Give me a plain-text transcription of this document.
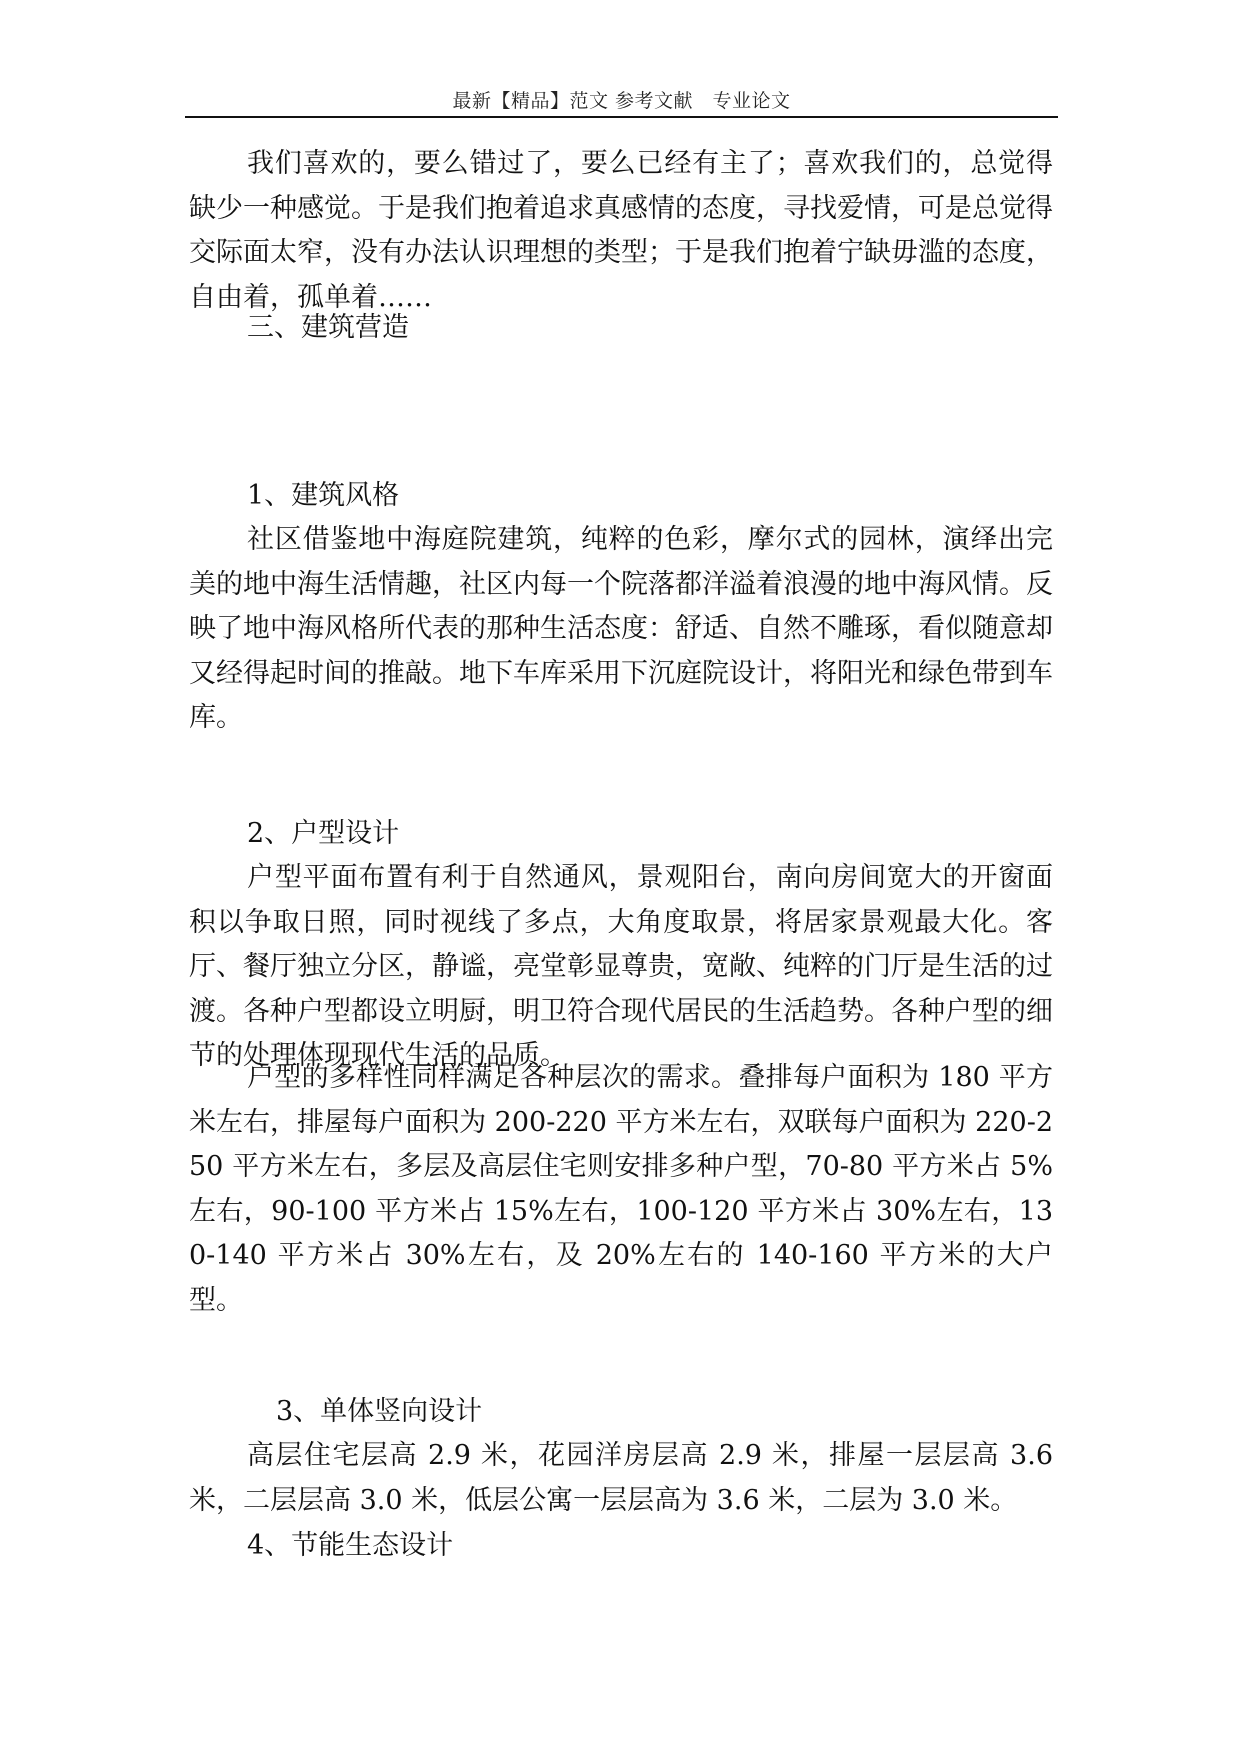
最新【精品】范文 参考文献　专业论文

我们喜欢的，要么错过了，要么已经有主了；喜欢我们的，总觉得缺少一种感觉。于是我们抱着追求真感情的态度，寻找爱情，可是总觉得交际面太窄，没有办法认识理想的类型；于是我们抱着宁缺毋滥的态度，自由着，孤单着……

三、建筑营造

1、建筑风格

社区借鉴地中海庭院建筑，纯粹的色彩，摩尔式的园林，演绎出完美的地中海生活情趣，社区内每一个院落都洋溢着浪漫的地中海风情。反映了地中海风格所代表的那种生活态度：舒适、自然不雕琢，看似随意却又经得起时间的推敲。地下车库采用下沉庭院设计，将阳光和绿色带到车库。

2、户型设计

户型平面布置有利于自然通风，景观阳台，南向房间宽大的开窗面积以争取日照，同时视线了多点，大角度取景，将居家景观最大化。客厅、餐厅独立分区，静谧，亮堂彰显尊贵，宽敞、纯粹的门厅是生活的过渡。各种户型都设立明厨，明卫符合现代居民的生活趋势。各种户型的细节的处理体现现代生活的品质。

户型的多样性同样满足各种层次的需求。叠排每户面积为 180 平方米左右，排屋每户面积为 200-220 平方米左右，双联每户面积为 220-250 平方米左右，多层及高层住宅则安排多种户型，70-80 平方米占 5%左右，90-100 平方米占 15%左右，100-120 平方米占 30%左右，130-140 平方米占 30%左右，及 20%左右的 140-160 平方米的大户型。

3、单体竖向设计

高层住宅层高 2.9 米，花园洋房层高 2.9 米，排屋一层层高 3.6 米，二层层高 3.0 米，低层公寓一层层高为 3.6 米，二层为 3.0 米。

4、节能生态设计
